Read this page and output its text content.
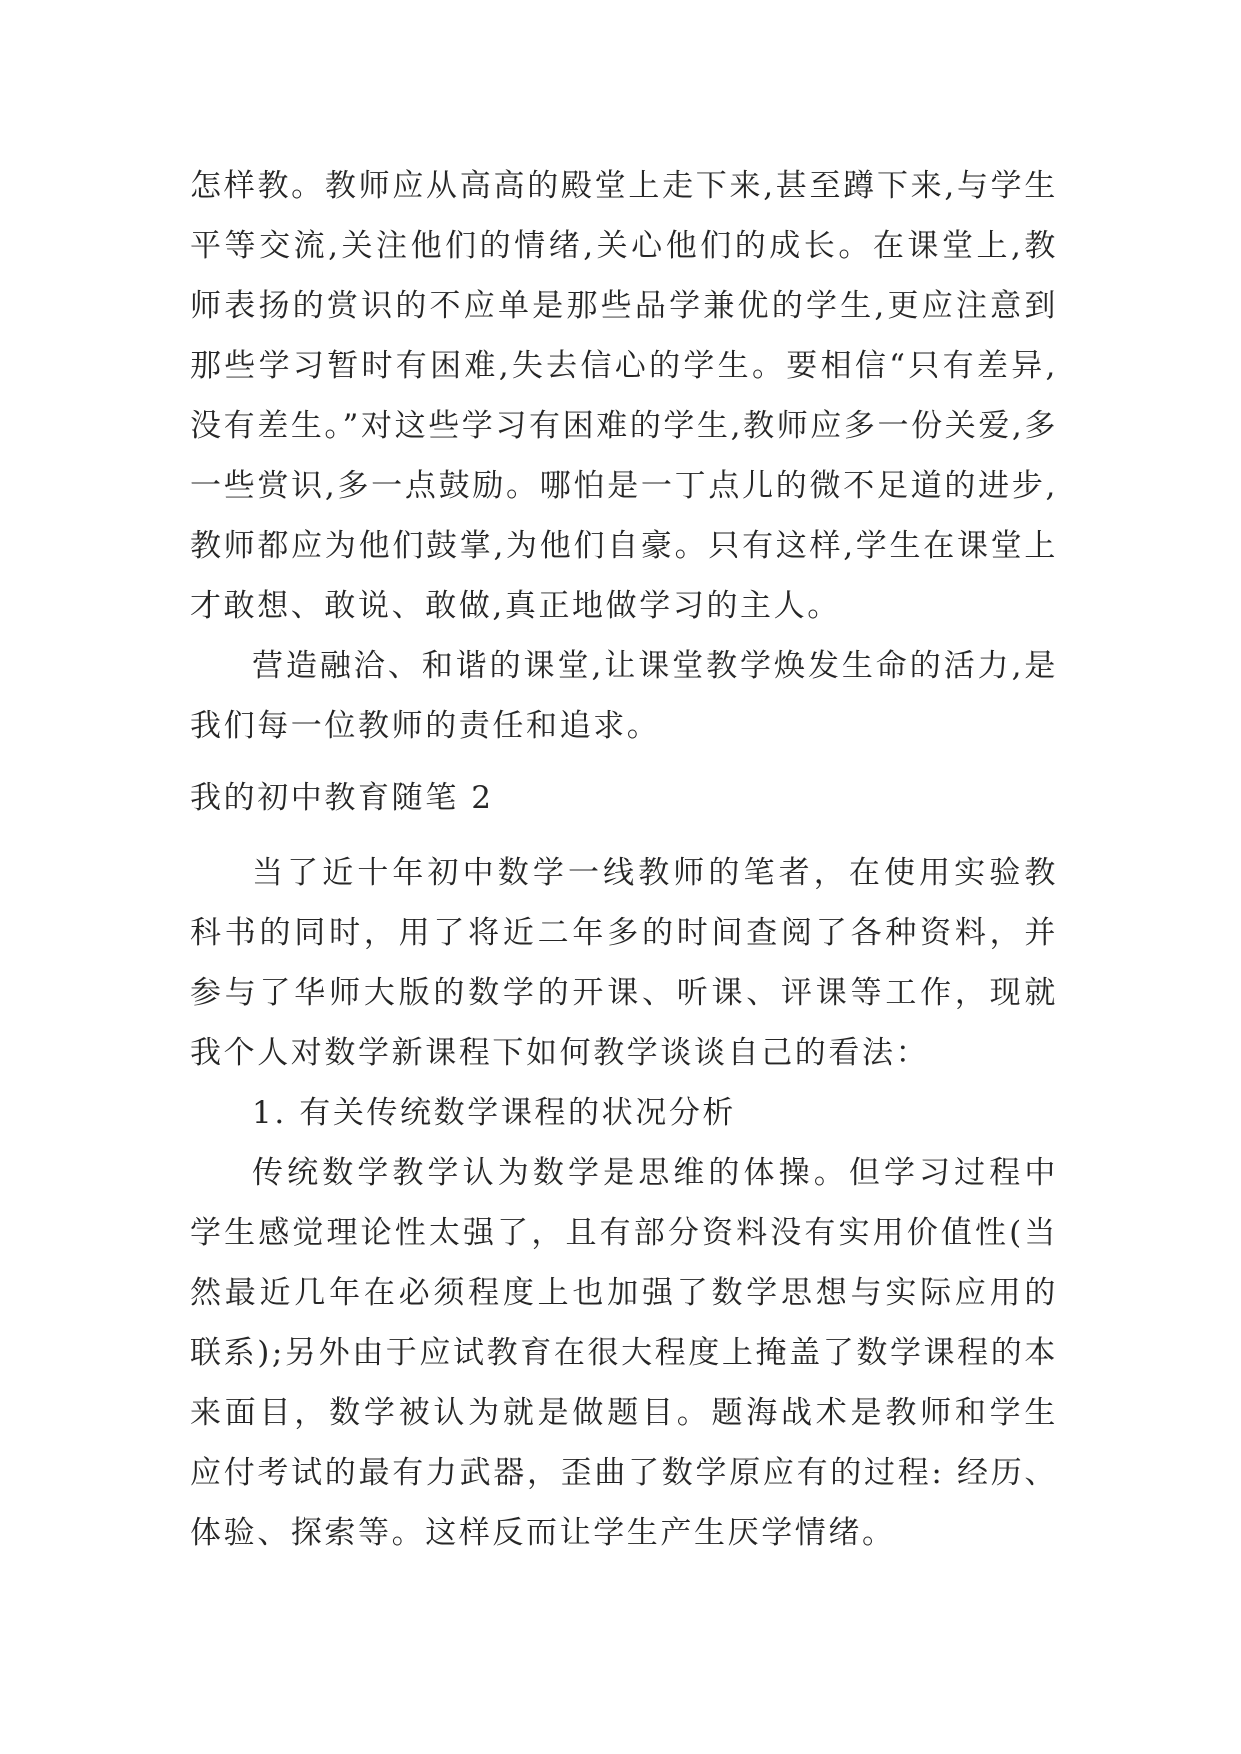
怎样教。教师应从高高的殿堂上走下来,甚至蹲下来,与学生平等交流,关注他们的情绪,关心他们的成长。在课堂上,教师表扬的赏识的不应单是那些品学兼优的学生,更应注意到那些学习暂时有困难,失去信心的学生。要相信“只有差异,没有差生。”对这些学习有困难的学生,教师应多一份关爱,多一些赏识,多一点鼓励。哪怕是一丁点儿的微不足道的进步,教师都应为他们鼓掌,为他们自豪。只有这样,学生在课堂上才敢想、敢说、敢做,真正地做学习的主人。

营造融洽、和谐的课堂,让课堂教学焕发生命的活力,是我们每一位教师的责任和追求。

我的初中教育随笔 2

当了近十年初中数学一线教师的笔者，在使用实验教科书的同时，用了将近二年多的时间查阅了各种资料，并参与了华师大版的数学的开课、听课、评课等工作，现就我个人对数学新课程下如何教学谈谈自己的看法：

1. 有关传统数学课程的状况分析

传统数学教学认为数学是思维的体操。但学习过程中学生感觉理论性太强了，且有部分资料没有实用价值性(当然最近几年在必须程度上也加强了数学思想与实际应用的联系);另外由于应试教育在很大程度上掩盖了数学课程的本来面目，数学被认为就是做题目。题海战术是教师和学生应付考试的最有力武器，歪曲了数学原应有的过程: 经历、体验、探索等。这样反而让学生产生厌学情绪。
